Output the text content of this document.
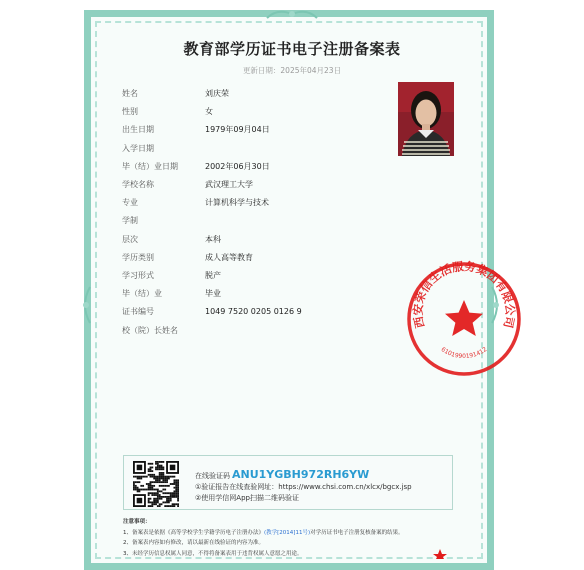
教育部学历证书电子注册备案表
更新日期：2025年04月23日
姓名	刘庆荣
性别	女
出生日期	1979年09月04日
入学日期
毕（结）业日期	2002年06月30日
学校名称	武汉理工大学
专业	计算机科学与技术
学制
层次	本科
学历类别	成人高等教育
学习形式	脱产
毕（结）业	毕业
证书编号	1049 7520 0205 0126 9
校（院）长姓名
在线验证码 ANU1YGBH972RH6YW
①验证报告在线查验网址：https://www.chsi.com.cn/xlcx/bgcx.jsp
②使用学信网App扫描二维码验证
注意事项：
1、备案表是依据《高等学校学生学籍学历电子注册办法》(教学[2014]11号)对学历证书电子注册复核备案的结果。
2、备案表内容如有修改，请以最新在线验证的内容为准。
3、未经学历信息权属人同意，不得将备案表用于违背权属人意愿之用途。
西安荣信生活服务集团有限公司
6101990191412
